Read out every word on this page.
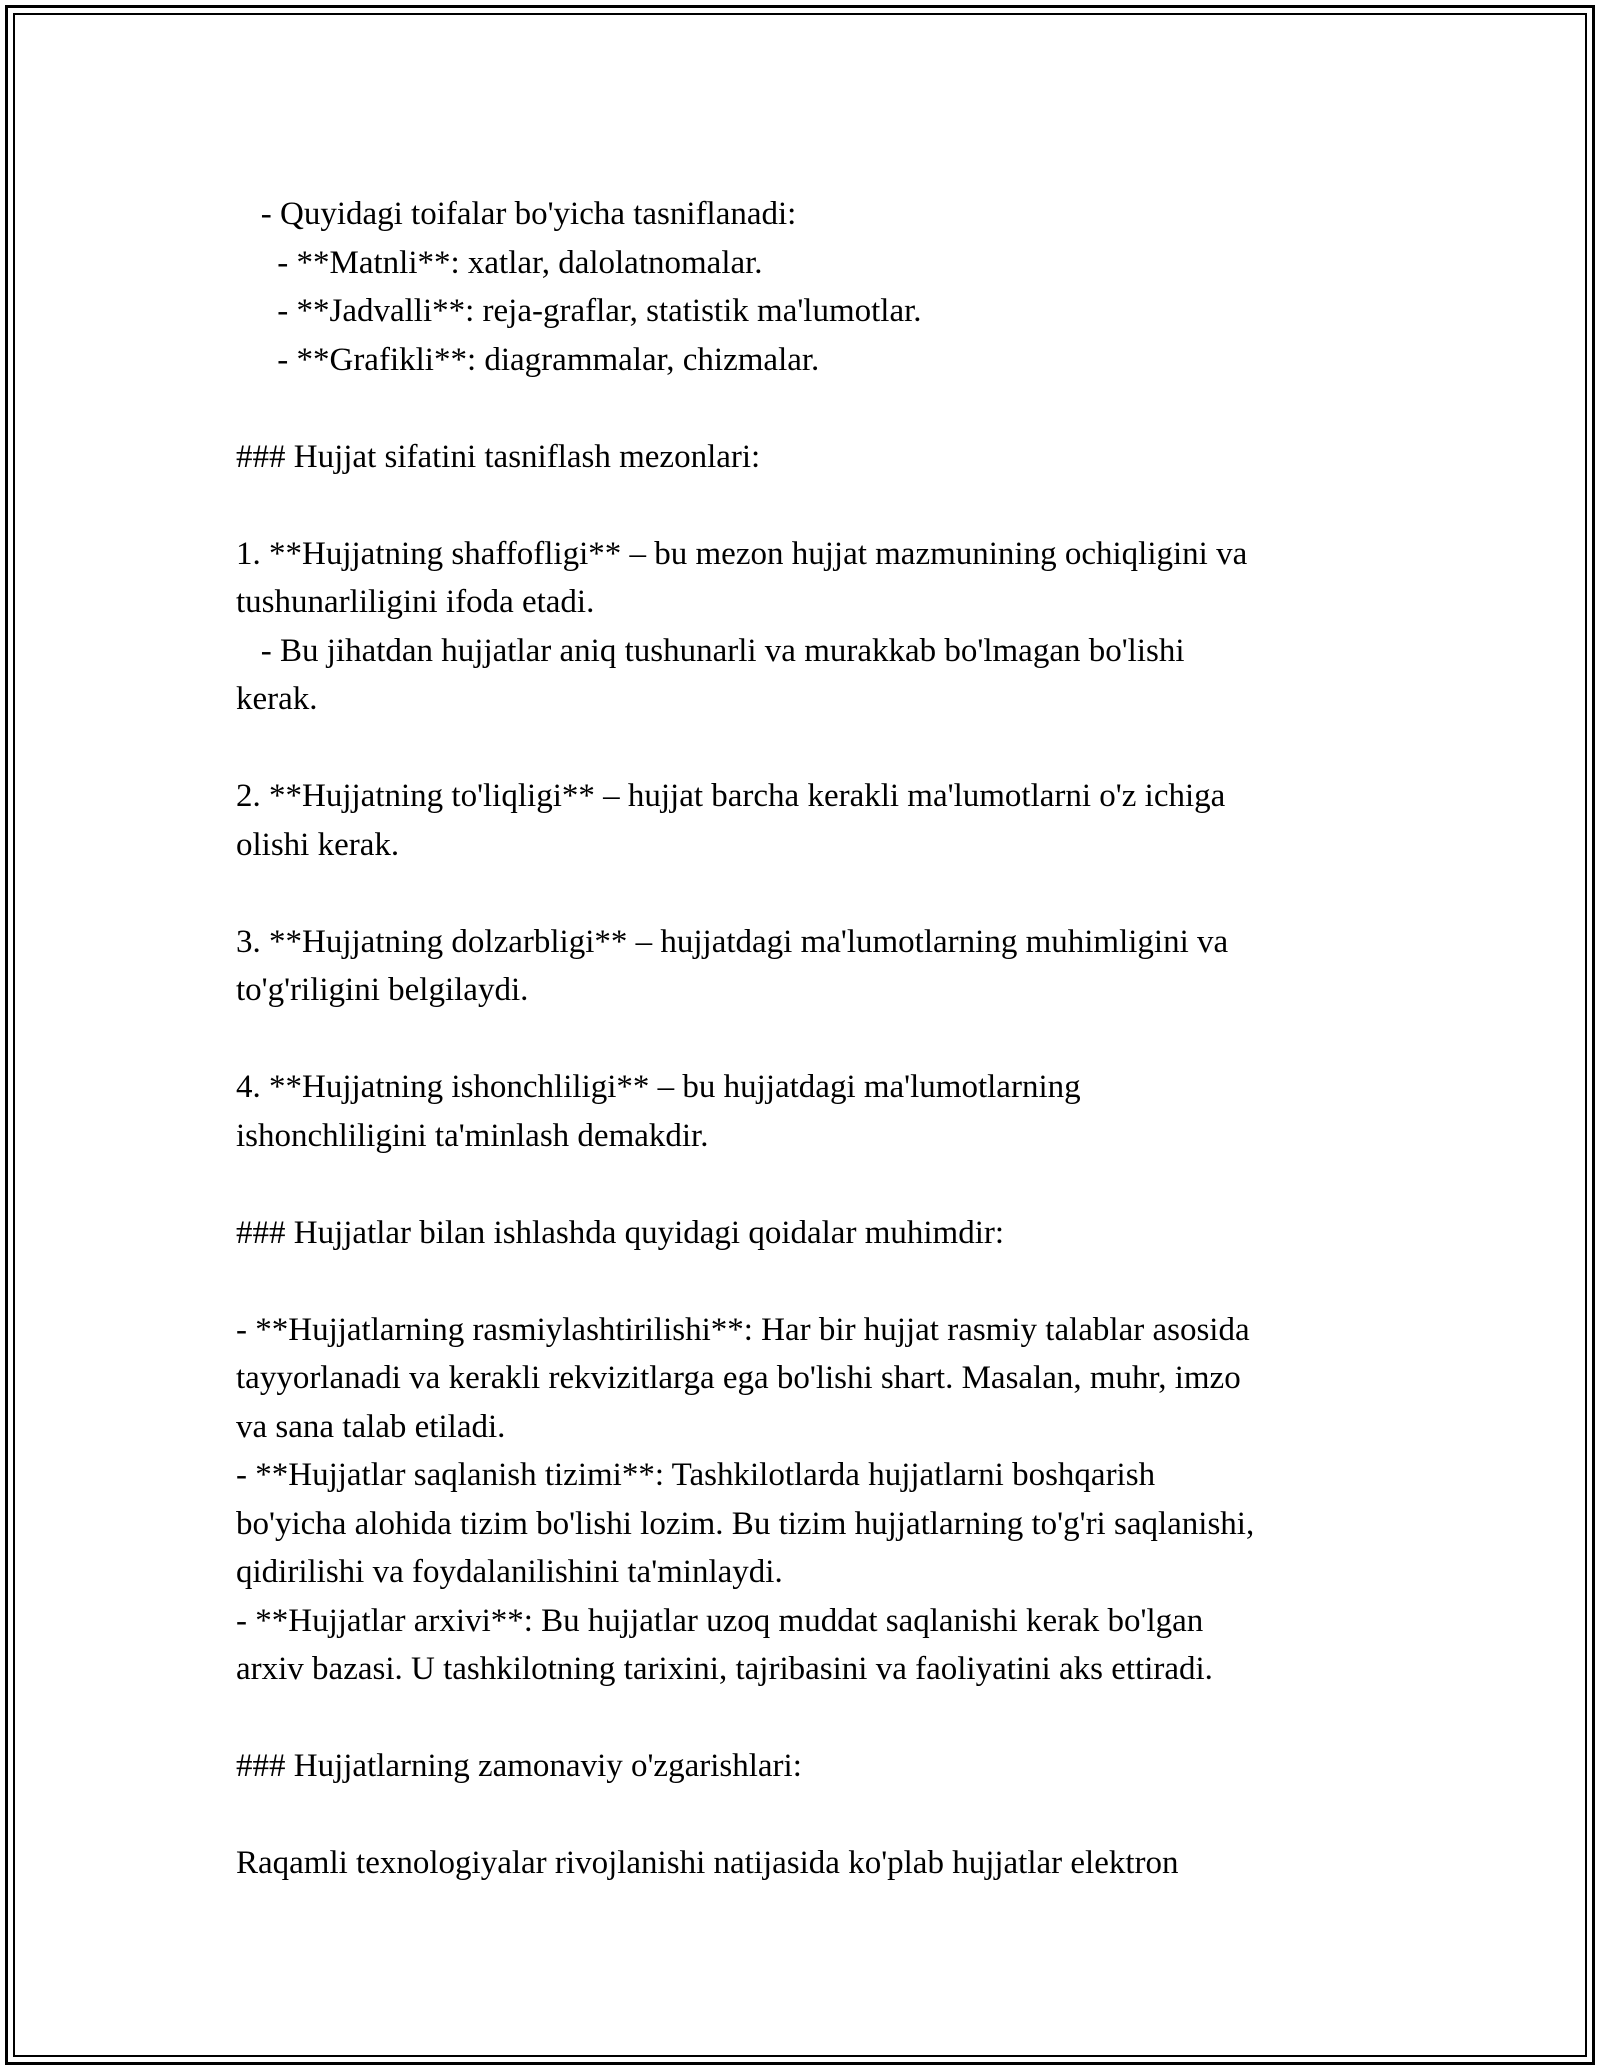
- Quyidagi toifalar bo'yicha tasniflanadi:

- **Matnli**: xatlar, dalolatnomalar.

- **Jadvalli**: reja-graflar, statistik ma'lumotlar.

- **Grafikli**: diagrammalar, chizmalar.

### Hujjat sifatini tasniflash mezonlari:

1. **Hujjatning shaffofligi** – bu mezon hujjat mazmunining ochiqligini va

tushunarliligini ifoda etadi.

- Bu jihatdan hujjatlar aniq tushunarli va murakkab bo'lmagan bo'lishi

kerak.

2. **Hujjatning to'liqligi** – hujjat barcha kerakli ma'lumotlarni o'z ichiga

olishi kerak.

3. **Hujjatning dolzarbligi** – hujjatdagi ma'lumotlarning muhimligini va

to'g'riligini belgilaydi.

4. **Hujjatning ishonchliligi** – bu hujjatdagi ma'lumotlarning

ishonchliligini ta'minlash demakdir.

### Hujjatlar bilan ishlashda quyidagi qoidalar muhimdir:

- **Hujjatlarning rasmiylashtirilishi**: Har bir hujjat rasmiy talablar asosida

tayyorlanadi va kerakli rekvizitlarga ega bo'lishi shart. Masalan, muhr, imzo

va sana talab etiladi.

- **Hujjatlar saqlanish tizimi**: Tashkilotlarda hujjatlarni boshqarish

bo'yicha alohida tizim bo'lishi lozim. Bu tizim hujjatlarning to'g'ri saqlanishi,

qidirilishi va foydalanilishini ta'minlaydi.

- **Hujjatlar arxivi**: Bu hujjatlar uzoq muddat saqlanishi kerak bo'lgan

arxiv bazasi. U tashkilotning tarixini, tajribasini va faoliyatini aks ettiradi.

### Hujjatlarning zamonaviy o'zgarishlari:

Raqamli texnologiyalar rivojlanishi natijasida ko'plab hujjatlar elektron
